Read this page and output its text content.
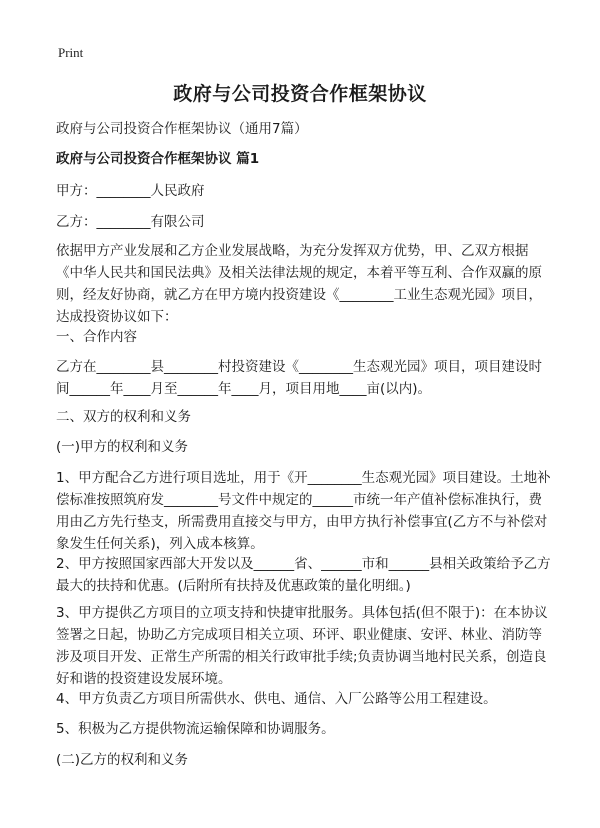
Print
政府与公司投资合作框架协议

政府与公司投资合作框架协议（通用7篇）

政府与公司投资合作框架协议 篇1

甲方：________人民政府

乙方：________有限公司

依据甲方产业发展和乙方企业发展战略，为充分发挥双方优势，甲、乙双方根据《中华人民共和国民法典》及相关法律法规的规定，本着平等互利、合作双赢的原则，经友好协商，就乙方在甲方境内投资建设《________工业生态观光园》项目，达成投资协议如下：

一、合作内容

乙方在________县________村投资建设《________生态观光园》项目，项目建设时间______年____月至______年____月，项目用地____亩(以内)。

二、双方的权利和义务

(一)甲方的权利和义务

1、甲方配合乙方进行项目选址，用于《开________生态观光园》项目建设。土地补偿标准按照筑府发________号文件中规定的______市统一年产值补偿标准执行，费用由乙方先行垫支，所需费用直接交与甲方，由甲方执行补偿事宜(乙方不与补偿对象发生任何关系)，列入成本核算。

2、甲方按照国家西部大开发以及______省、______市和______县相关政策给予乙方最大的扶持和优惠。(后附所有扶持及优惠政策的量化明细。)

3、甲方提供乙方项目的立项支持和快捷审批服务。具体包括(但不限于)：在本协议签署之日起，协助乙方完成项目相关立项、环评、职业健康、安评、林业、消防等涉及项目开发、正常生产所需的相关行政审批手续;负责协调当地村民关系，创造良好和谐的投资建设发展环境。

4、甲方负责乙方项目所需供水、供电、通信、入厂公路等公用工程建设。

5、积极为乙方提供物流运输保障和协调服务。

(二)乙方的权利和义务
